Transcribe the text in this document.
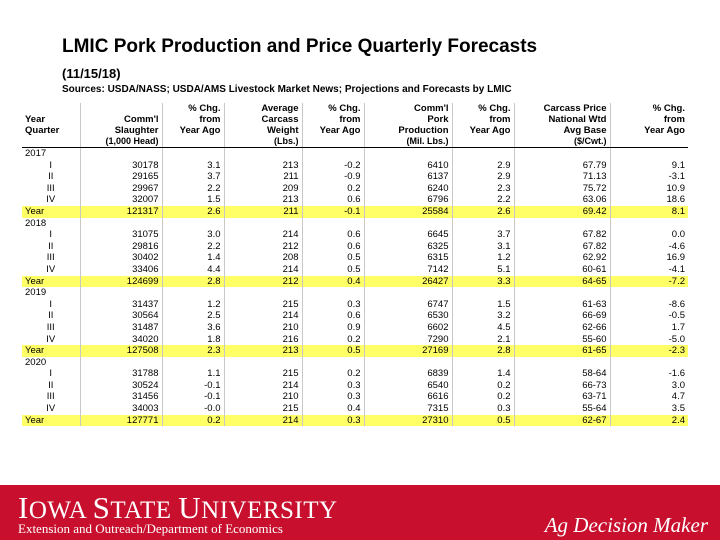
LMIC Pork Production and Price Quarterly Forecasts
(11/15/18)
Sources: USDA/NASS; USDA/AMS Livestock Market News; Projections and Forecasts by LMIC
		% Chg.	Average	% Chg.	Comm'l	% Chg.	Carcass Price	% Chg.
Year	Comm'l	from	Carcass	from	Pork	from	National Wtd	from
Quarter	Slaughter	Year Ago	Weight	Year Ago	Production	Year Ago	Avg Base	Year Ago
	(1,000 Head)		(Lbs.)		(Mil. Lbs.)		($/Cwt.)	
2017								
I	30178	3.1	213	-0.2	6410	2.9	67.79	9.1
II	29165	3.7	211	-0.9	6137	2.9	71.13	-3.1
III	29967	2.2	209	0.2	6240	2.3	75.72	10.9
IV	32007	1.5	213	0.6	6796	2.2	63.06	18.6
Year	121317	2.6	211	-0.1	25584	2.6	69.42	8.1
2018								
I	31075	3.0	214	0.6	6645	3.7	67.82	0.0
II	29816	2.2	212	0.6	6325	3.1	67.82	-4.6
III	30402	1.4	208	0.5	6315	1.2	62.92	16.9
IV	33406	4.4	214	0.5	7142	5.1	60-61	-4.1
Year	124699	2.8	212	0.4	26427	3.3	64-65	-7.2
2019								
I	31437	1.2	215	0.3	6747	1.5	61-63	-8.6
II	30564	2.5	214	0.6	6530	3.2	66-69	-0.5
III	31487	3.6	210	0.9	6602	4.5	62-66	1.7
IV	34020	1.8	216	0.2	7290	2.1	55-60	-5.0
Year	127508	2.3	213	0.5	27169	2.8	61-65	-2.3
2020								
I	31788	1.1	215	0.2	6839	1.4	58-64	-1.6
II	30524	-0.1	214	0.3	6540	0.2	66-73	3.0
III	31456	-0.1	210	0.3	6616	0.2	63-71	4.7
IV	34003	-0.0	215	0.4	7315	0.3	55-64	3.5
Year	127771	0.2	214	0.3	27310	0.5	62-67	2.4
IOWA STATE UNIVERSITY
Extension and Outreach/Department of Economics	Ag Decision Maker
